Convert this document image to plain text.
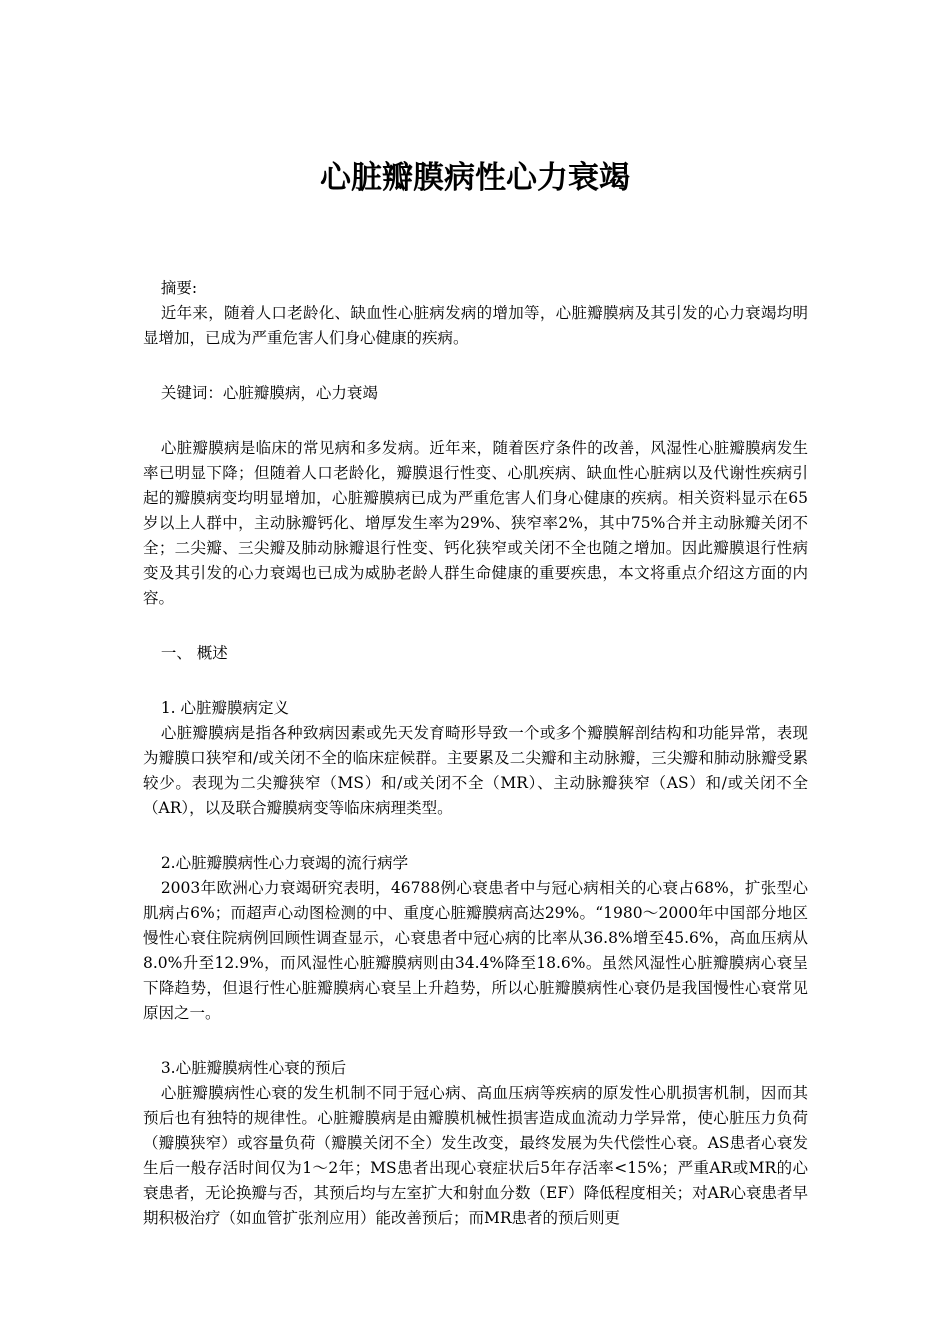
心脏瓣膜病性心力衰竭

摘要:

近年来，随着人口老龄化、缺血性心脏病发病的增加等，心脏瓣膜病及其引发的心力衰竭均明显增加，已成为严重危害人们身心健康的疾病。

关键词：心脏瓣膜病，心力衰竭

心脏瓣膜病是临床的常见病和多发病。近年来，随着医疗条件的改善，风湿性心脏瓣膜病发生率已明显下降；但随着人口老龄化，瓣膜退行性变、心肌疾病、缺血性心脏病以及代谢性疾病引起的瓣膜病变均明显增加，心脏瓣膜病已成为严重危害人们身心健康的疾病。相关资料显示在65岁以上人群中，主动脉瓣钙化、增厚发生率为29%、狭窄率2%，其中75%合并主动脉瓣关闭不全；二尖瓣、三尖瓣及肺动脉瓣退行性变、钙化狭窄或关闭不全也随之增加。因此瓣膜退行性病变及其引发的心力衰竭也已成为威胁老龄人群生命健康的重要疾患，本文将重点介绍这方面的内容。

一、 概述

1. 心脏瓣膜病定义

心脏瓣膜病是指各种致病因素或先天发育畸形导致一个或多个瓣膜解剖结构和功能异常，表现为瓣膜口狭窄和/或关闭不全的临床症候群。主要累及二尖瓣和主动脉瓣，三尖瓣和肺动脉瓣受累较少。表现为二尖瓣狭窄（MS）和/或关闭不全（MR）、主动脉瓣狭窄（AS）和/或关闭不全（AR），以及联合瓣膜病变等临床病理类型。

2.心脏瓣膜病性心力衰竭的流行病学

2003年欧洲心力衰竭研究表明，46788例心衰患者中与冠心病相关的心衰占68%，扩张型心肌病占6%；而超声心动图检测的中、重度心脏瓣膜病高达29%。“1980～2000年中国部分地区慢性心衰住院病例回顾性调查显示，心衰患者中冠心病的比率从36.8%增至45.6%，高血压病从8.0%升至12.9%，而风湿性心脏瓣膜病则由34.4%降至18.6%。虽然风湿性心脏瓣膜病心衰呈下降趋势，但退行性心脏瓣膜病心衰呈上升趋势，所以心脏瓣膜病性心衰仍是我国慢性心衰常见原因之一。

3.心脏瓣膜病性心衰的预后

心脏瓣膜病性心衰的发生机制不同于冠心病、高血压病等疾病的原发性心肌损害机制，因而其预后也有独特的规律性。心脏瓣膜病是由瓣膜机械性损害造成血流动力学异常，使心脏压力负荷（瓣膜狭窄）或容量负荷（瓣膜关闭不全）发生改变，最终发展为失代偿性心衰。AS患者心衰发生后一般存活时间仅为1～2年；MS患者出现心衰症状后5年存活率<15%；严重AR或MR的心衰患者，无论换瓣与否，其预后均与左室扩大和射血分数（EF）降低程度相关；对AR心衰患者早期积极治疗（如血管扩张剂应用）能改善预后；而MR患者的预后则更
